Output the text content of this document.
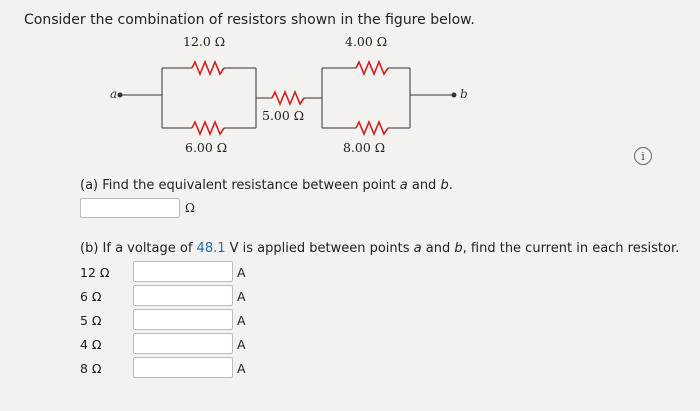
Consider the combination of resistors shown in the figure below.
12.0 Ω	4.00 Ω
5.00 Ω
6.00 Ω	8.00 Ω
a	b
i
(a) Find the equivalent resistance between point a and b.
Ω
(b) If a voltage of 48.1 V is applied between points a and b, find the current in each resistor.
12 Ω	A
6 Ω	A
5 Ω	A
4 Ω	A
8 Ω	A
